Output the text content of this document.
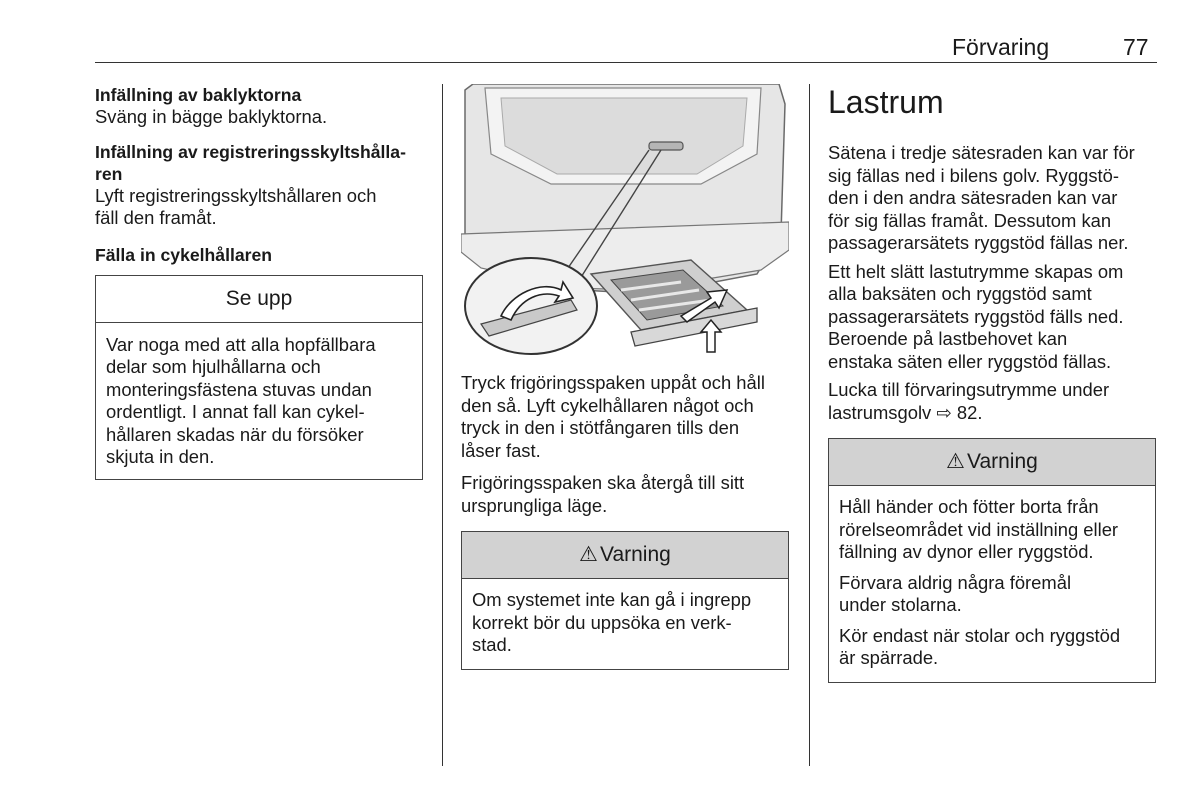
Förvaring	77
Infällning av baklyktorna

Sväng in bägge baklyktorna.

Infällning av registreringsskyltshålla-
ren

Lyft registreringsskyltshållaren och
fäll den framåt.

Fälla in cykelhållaren
Se upp
Var noga med att alla hopfällbara
delar som hjulhållarna och
monteringsfästena stuvas undan
ordentligt. I annat fall kan cykel-
hållaren skadas när du försöker
skjuta in den.

Tryck frigöringsspaken uppåt och håll
den så. Lyft cykelhållaren något och
tryck in den i stötfångaren tills den
låser fast.

Frigöringsspaken ska återgå till sitt
ursprungliga läge.

⚠Varning
Om systemet inte kan gå i ingrepp
korrekt bör du uppsöka en verk-
stad.
Lastrum

Sätena i tredje sätesraden kan var för
sig fällas ned i bilens golv. Ryggstö-
den i den andra sätesraden kan var
för sig fällas framåt. Dessutom kan
passagerarsätets ryggstöd fällas ner.

Ett helt slätt lastutrymme skapas om
alla baksäten och ryggstöd samt
passagerarsätets ryggstöd fälls ned.
Beroende på lastbehovet kan
enstaka säten eller ryggstöd fällas.

Lucka till förvaringsutrymme under
lastrumsgolv ⇨ 82.

⚠Varning

Håll händer och fötter borta från
rörelseområdet vid inställning eller
fällning av dynor eller ryggstöd.

Förvara aldrig några föremål
under stolarna.

Kör endast när stolar och ryggstöd
är spärrade.
